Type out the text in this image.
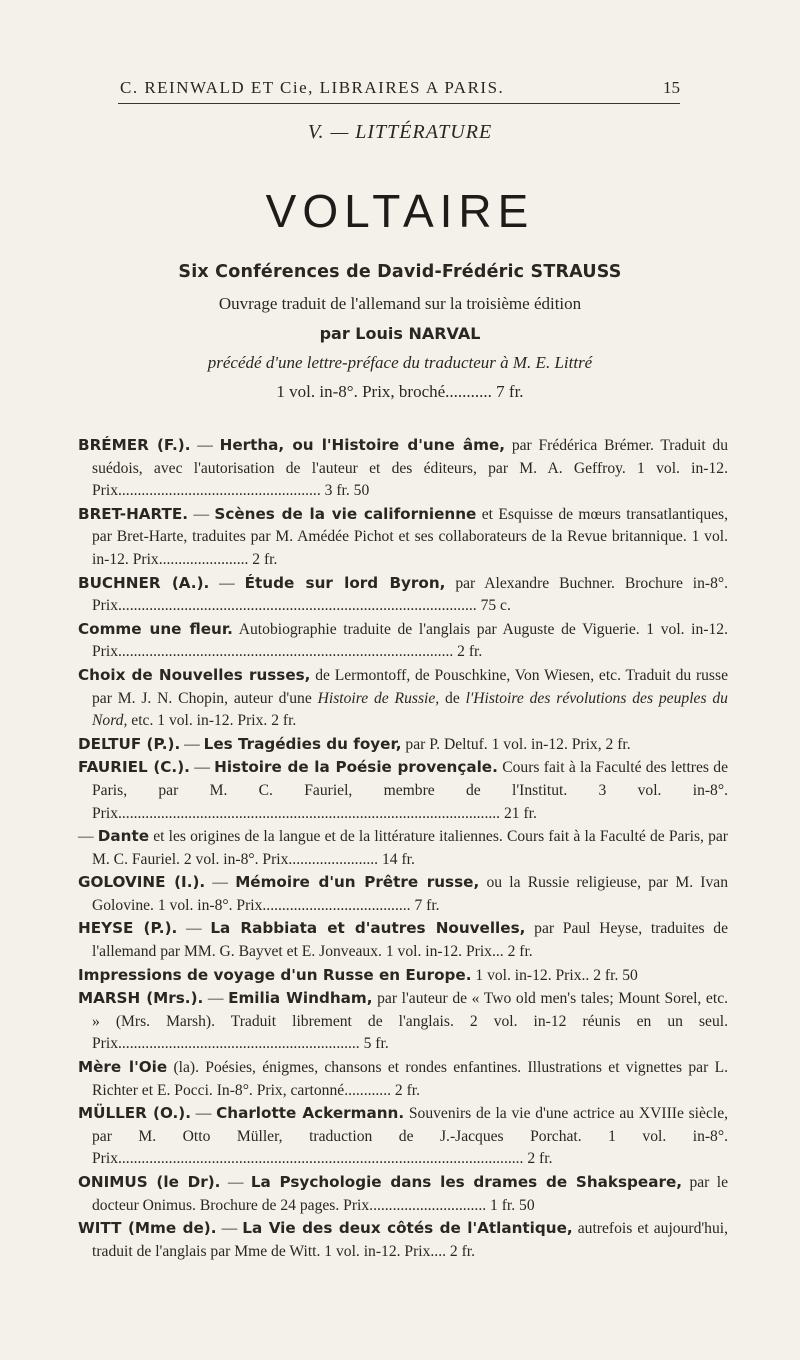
C. REINWALD ET Cie, LIBRAIRES A PARIS.	15
V. — LITTÉRATURE
VOLTAIRE
Six Conférences de David-Frédéric STRAUSS
Ouvrage traduit de l'allemand sur la troisième édition
par Louis NARVAL
précédé d'une lettre-préface du traducteur à M. E. Littré
1 vol. in-8°. Prix, broché........... 7 fr.

BRÉMER (F.). — Hertha, ou l'Histoire d'une âme, par Frédérica Brémer. Traduit du suédois, avec l'autorisation de l'auteur et des éditeurs, par M. A. Geffroy. 1 vol. in-12. Prix.................................................... 3 fr. 50

BRET-HARTE. — Scènes de la vie californienne et Esquisse de mœurs transatlantiques, par Bret-Harte, traduites par M. Amédée Pichot et ses collaborateurs de la Revue britannique. 1 vol. in-12. Prix....................... 2 fr.

BUCHNER (A.). — Étude sur lord Byron, par Alexandre Buchner. Brochure in-8°. Prix............................................................................................ 75 c.

Comme une fleur. Autobiographie traduite de l'anglais par Auguste de Viguerie. 1 vol. in-12. Prix...................................................................................... 2 fr.

Choix de Nouvelles russes, de Lermontoff, de Pouschkine, Von Wiesen, etc. Traduit du russe par M. J. N. Chopin, auteur d'une Histoire de Russie, de l'Histoire des révolutions des peuples du Nord, etc. 1 vol. in-12. Prix. 2 fr.

DELTUF (P.). — Les Tragédies du foyer, par P. Deltuf. 1 vol. in-12. Prix, 2 fr.

FAURIEL (C.). — Histoire de la Poésie provençale. Cours fait à la Faculté des lettres de Paris, par M. C. Fauriel, membre de l'Institut. 3 vol. in-8°. Prix.................................................................................................. 21 fr.

— Dante et les origines de la langue et de la littérature italiennes. Cours fait à la Faculté de Paris, par M. C. Fauriel. 2 vol. in-8°. Prix....................... 14 fr.

GOLOVINE (I.). — Mémoire d'un Prêtre russe, ou la Russie religieuse, par M. Ivan Golovine. 1 vol. in-8°. Prix...................................... 7 fr.

HEYSE (P.). — La Rabbiata et d'autres Nouvelles, par Paul Heyse, traduites de l'allemand par MM. G. Bayvet et E. Jonveaux. 1 vol. in-12. Prix... 2 fr.

Impressions de voyage d'un Russe en Europe. 1 vol. in-12. Prix.. 2 fr. 50

MARSH (Mrs.). — Emilia Windham, par l'auteur de « Two old men's tales; Mount Sorel, etc. » (Mrs. Marsh). Traduit librement de l'anglais. 2 vol. in-12 réunis en un seul. Prix.............................................................. 5 fr.

Mère l'Oie (la). Poésies, énigmes, chansons et rondes enfantines. Illustrations et vignettes par L. Richter et E. Pocci. In-8°. Prix, cartonné............ 2 fr.

MÜLLER (O.). — Charlotte Ackermann. Souvenirs de la vie d'une actrice au XVIIIe siècle, par M. Otto Müller, traduction de J.-Jacques Porchat. 1 vol. in-8°. Prix........................................................................................................ 2 fr.

ONIMUS (le Dr). — La Psychologie dans les drames de Shakspeare, par le docteur Onimus. Brochure de 24 pages. Prix.............................. 1 fr. 50

WITT (Mme de). — La Vie des deux côtés de l'Atlantique, autrefois et aujourd'hui, traduit de l'anglais par Mme de Witt. 1 vol. in-12. Prix.... 2 fr.
